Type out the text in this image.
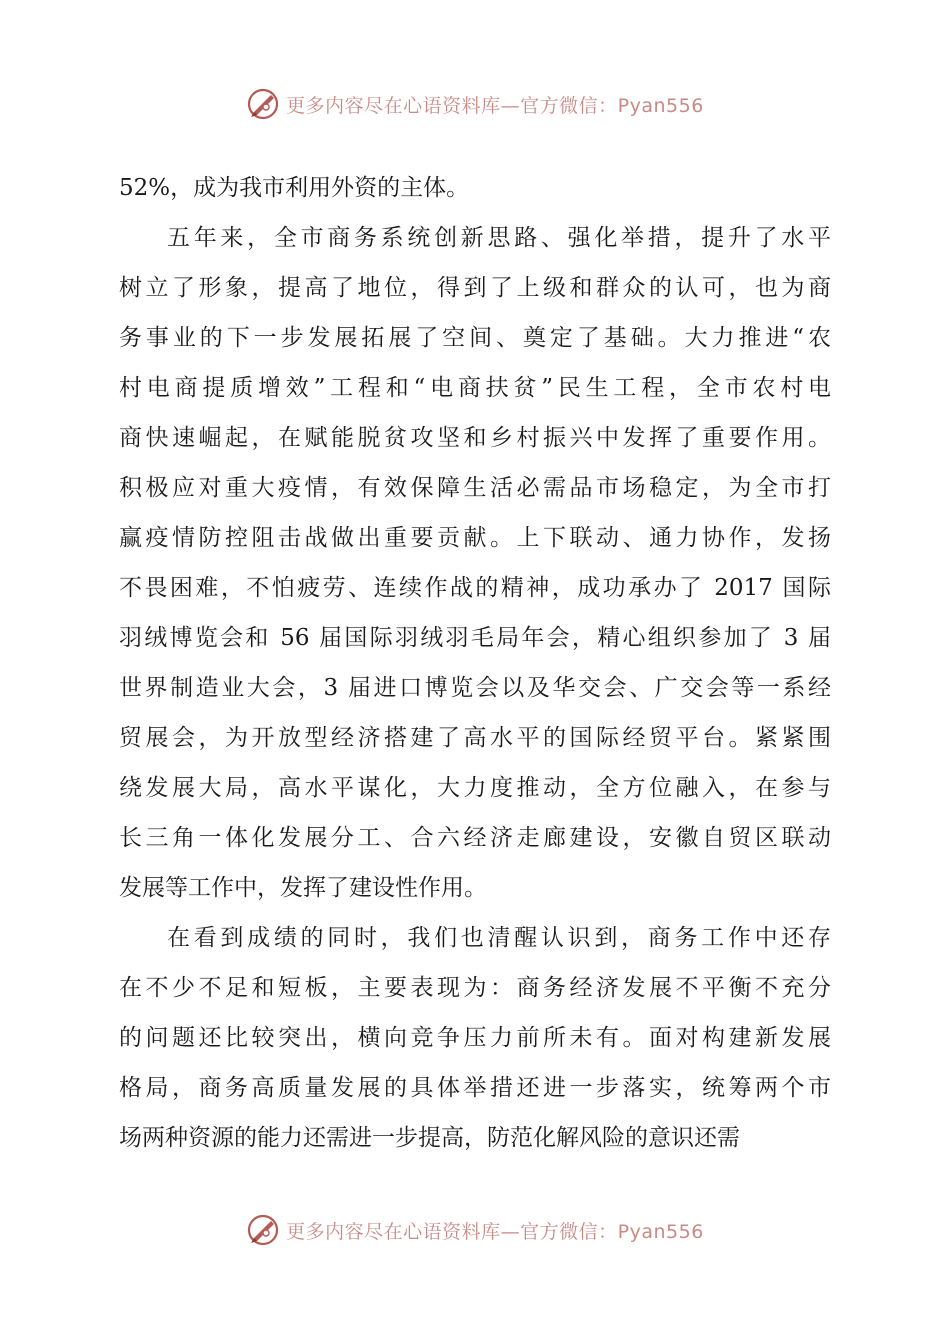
更多内容尽在心语资料库—官方微信：Pyan556
52%，成为我市利用外资的主体。
五年来，全市商务系统创新思路、强化举措，提升了水平
树立了形象，提高了地位，得到了上级和群众的认可，也为商
务事业的下一步发展拓展了空间、奠定了基础。大力推进“农
村电商提质增效”工程和“电商扶贫”民生工程，全市农村电
商快速崛起，在赋能脱贫攻坚和乡村振兴中发挥了重要作用。
积极应对重大疫情，有效保障生活必需品市场稳定，为全市打
赢疫情防控阻击战做出重要贡献。上下联动、通力协作，发扬
不畏困难，不怕疲劳、连续作战的精神，成功承办了 2017 国际
羽绒博览会和 56 届国际羽绒羽毛局年会，精心组织参加了 3 届
世界制造业大会，3 届进口博览会以及华交会、广交会等一系经
贸展会，为开放型经济搭建了高水平的国际经贸平台。紧紧围
绕发展大局，高水平谋化，大力度推动，全方位融入，在参与
长三角一体化发展分工、合六经济走廊建设，安徽自贸区联动
发展等工作中，发挥了建设性作用。
在看到成绩的同时，我们也清醒认识到，商务工作中还存
在不少不足和短板，主要表现为：商务经济发展不平衡不充分
的问题还比较突出，横向竞争压力前所未有。面对构建新发展
格局，商务高质量发展的具体举措还进一步落实，统筹两个市
场两种资源的能力还需进一步提高，防范化解风险的意识还需
更多内容尽在心语资料库—官方微信：Pyan556
